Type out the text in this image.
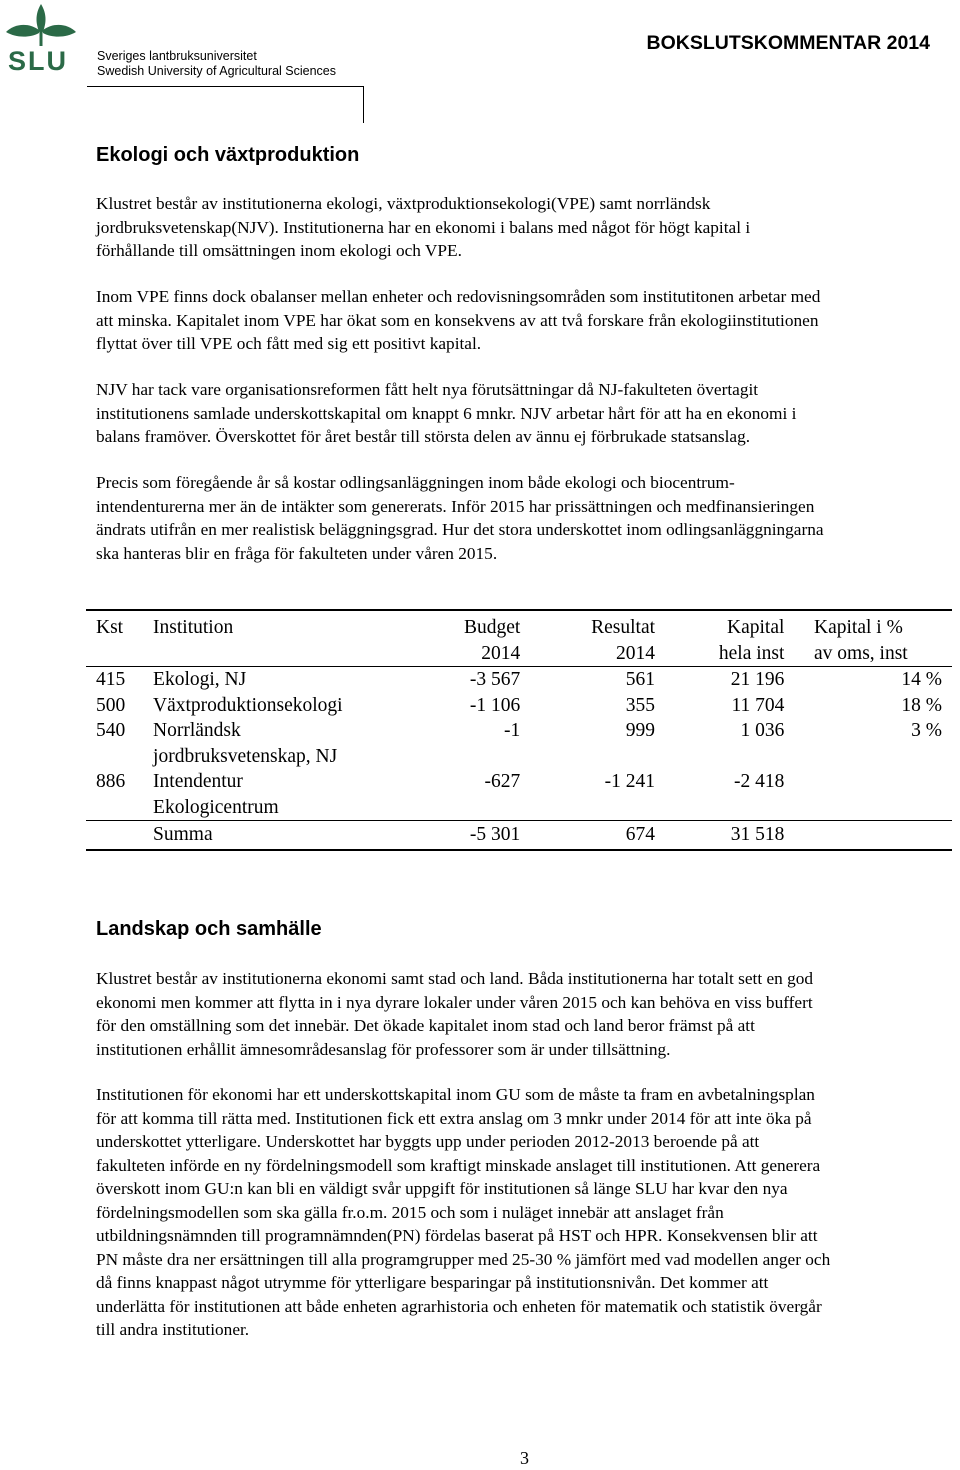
SLU Sveriges lantbruksuniversitet
Swedish University of Agricultural Sciences
BOKSLUTSKOMMENTAR 2014
Ekologi och växtproduktion
Klustret består av institutionerna ekologi, växtproduktionsekologi(VPE) samt norrländsk
jordbruksvetenskap(NJV). Institutionerna har en ekonomi i balans med något för högt kapital i
förhållande till omsättningen inom ekologi och VPE.
Inom VPE finns dock obalanser mellan enheter och redovisningsområden som institutitonen arbetar med
att minska. Kapitalet inom VPE har ökat som en konsekvens av att två forskare från ekologiinstitutionen
flyttat över till VPE och fått med sig ett positivt kapital.
NJV har tack vare organisationsreformen fått helt nya förutsättningar då NJ-fakulteten övertagit
institutionens samlade underskottskapital om knappt 6 mnkr. NJV arbetar hårt för att ha en ekonomi i
balans framöver. Överskottet för året består till största delen av ännu ej förbrukade statsanslag.
Precis som föregående år så kostar odlingsanläggningen inom både ekologi och biocentrum-
intendenturerna mer än de intäkter som genererats. Inför 2015 har prissättningen och medfinansieringen
ändrats utifrån en mer realistisk beläggningsgrad. Hur det stora underskottet inom odlingsanläggningarna
ska hanteras blir en fråga för fakulteten under våren 2015.
Kst	Institution	Budget	Resultat	Kapital	Kapital i %
		2014	2014	hela inst	av oms, inst
415	Ekologi, NJ	-3 567	561	21 196	14 %
500	Växtproduktionsekologi	-1 106	355	11 704	18 %
540	Norrländsk
jordbruksvetenskap, NJ	-1	999	1 036	3 %
886	Intendentur
Ekologicentrum	-627	-1 241	-2 418	
	Summa	-5 301	674	31 518	
Landskap och samhälle
Klustret består av institutionerna ekonomi samt stad och land. Båda institutionerna har totalt sett en god
ekonomi men kommer att flytta in i nya dyrare lokaler under våren 2015 och kan behöva en viss buffert
för den omställning som det innebär. Det ökade kapitalet inom stad och land beror främst på att
institutionen erhållit ämnesområdesanslag för professorer som är under tillsättning.
Institutionen för ekonomi har ett underskottskapital inom GU som de måste ta fram en avbetalningsplan
för att komma till rätta med. Institutionen fick ett extra anslag om 3 mnkr under 2014 för att inte öka på
underskottet ytterligare. Underskottet har byggts upp under perioden 2012-2013 beroende på att
fakulteten införde en ny fördelningsmodell som kraftigt minskade anslaget till institutionen. Att generera
överskott inom GU:n kan bli en väldigt svår uppgift för institutionen så länge SLU har kvar den nya
fördelningsmodellen som ska gälla fr.o.m. 2015 och som i nuläget innebär att anslaget från
utbildningsnämnden till programnämnden(PN) fördelas baserat på HST och HPR. Konsekvensen blir att
PN måste dra ner ersättningen till alla programgrupper med 25-30 % jämfört med vad modellen anger och
då finns knappast något utrymme för ytterligare besparingar på institutionsnivån. Det kommer att
underlätta för institutionen att både enheten agrarhistoria och enheten för matematik och statistik övergår
till andra institutioner.
3
